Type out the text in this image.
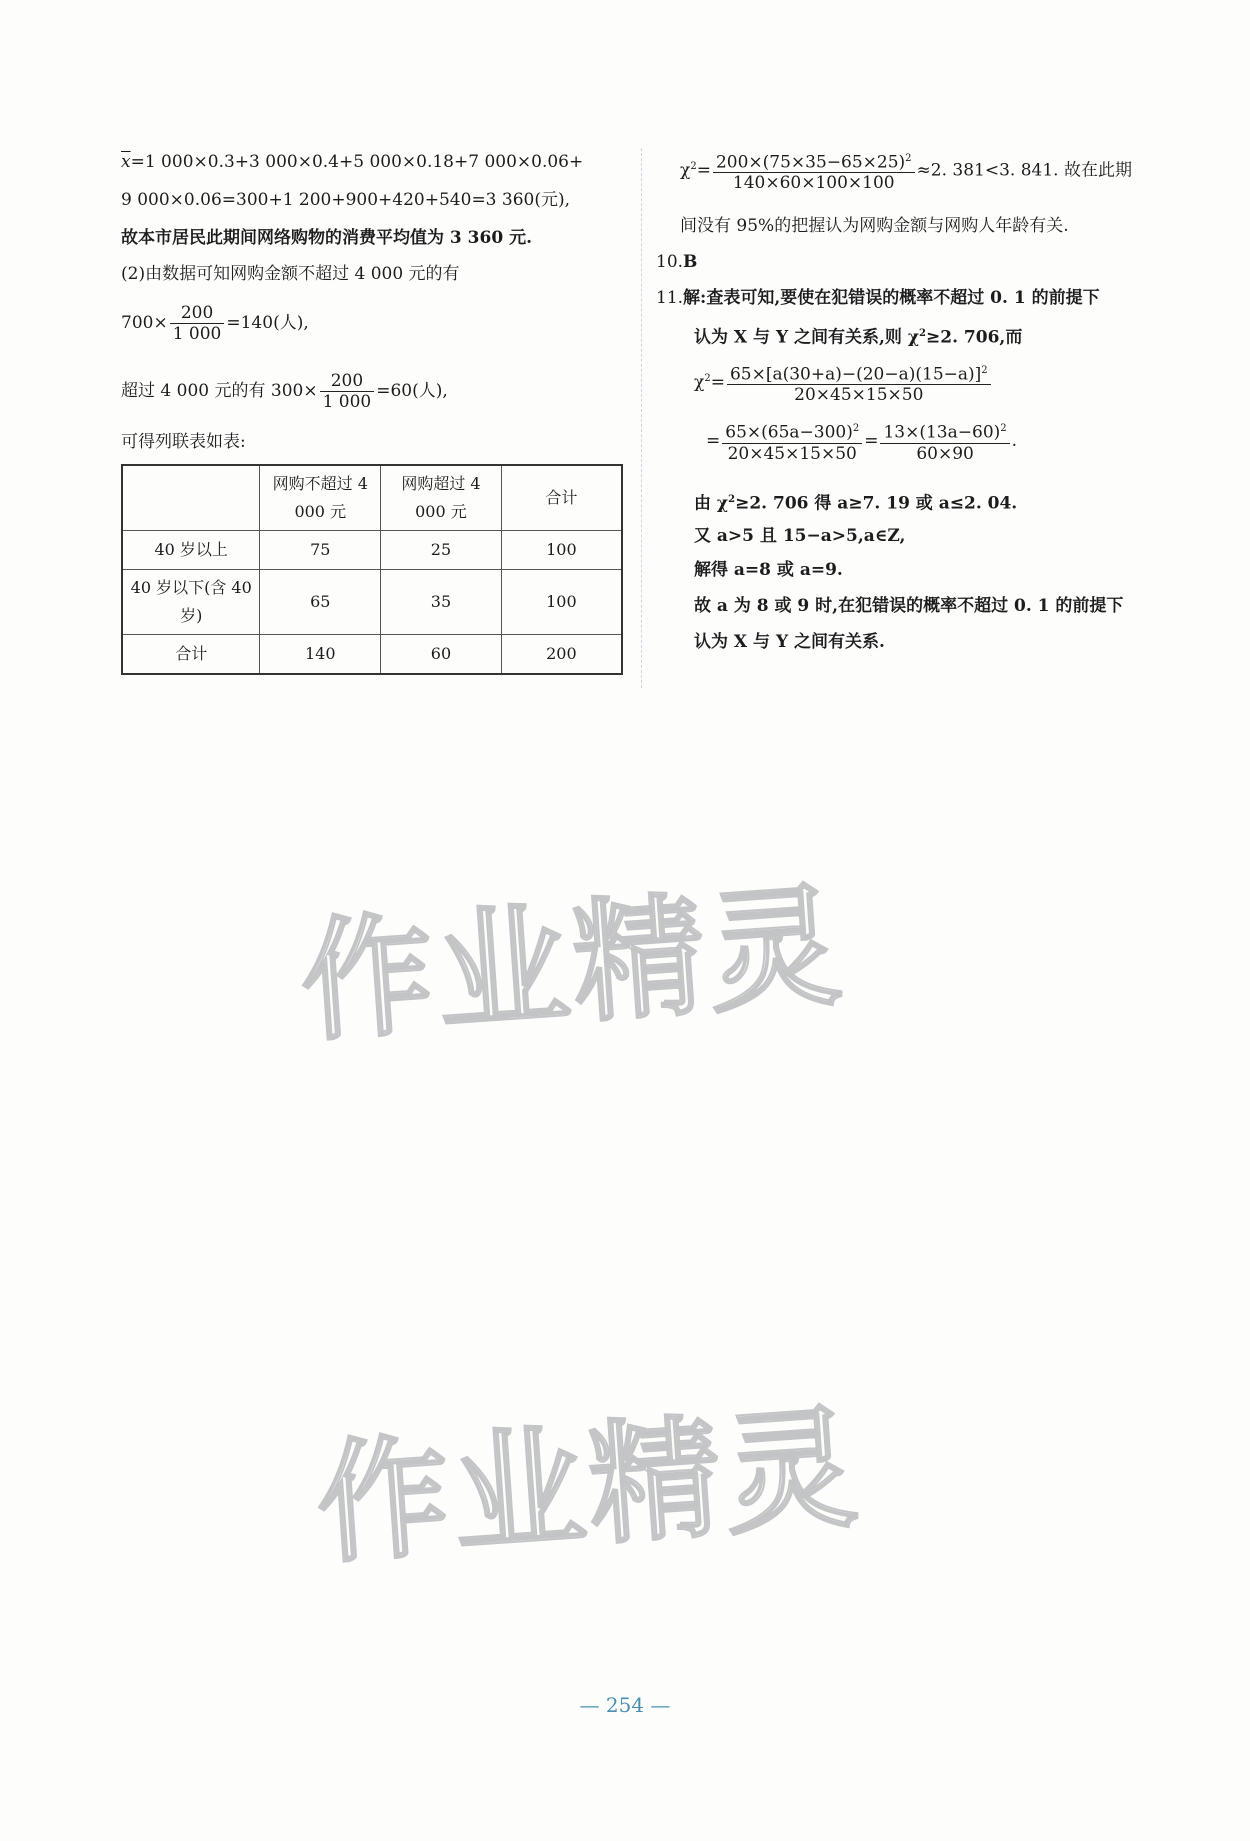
$\overline{x}=1$ 000×0.3+3 000×0.4+5 000×0.18+7 000×0.06+
9 000×0.06=300+1 200+900+420+540=3 360(元),
故本市居民此期间网络购物的消费平均值为 3 360 元.
(2)由数据可知网购金额不超过 4 000 元的有
$700\times \frac{200}{1 000} =140$(人),
超过 4 000 元的有 $300\times \frac{200}{1 000} =60$(人),
可得列联表如表:
	网购不超过 4 000 元	网购超过 4 000 元	合计
40 岁以上	75	25	100
40 岁以下(含 40 岁)	65	35	100
合计	140	60	200
$\chi^2= \frac{200\times(75\times 35-65\times 25)^2}{140\times 60\times 100\times 100} \approx 2$. 381<3. 841. 故在此期
间没有 95%的把握认为网购金额与网购人年龄有关.
10.B
11.解:查表可知,要使在犯错误的概率不超过 0. 1 的前提下
认为 X 与 Y 之间有关系,则 $\chi^2\ge 2$. 706,而
$\chi^2= \frac{65\times[a(30+a)-(20-a)(15-a)]^2}{20\times 45\times 15\times 50}$
= $\frac{65\times(65a-300)^2}{20\times 45\times 15\times 50} = \frac{13\times(13a-60)^2}{60\times 90}$ .
由 $\chi^2\ge 2$. 706 得 a≥7. 19 或 a≤2. 04.
又 a>5 且 15−a>5,a∈Z,
解得 a=8 或 a=9.
故 a 为 8 或 9 时,在犯错误的概率不超过 0. 1 的前提下
认为 X 与 Y 之间有关系.
作业精灵
作业精灵
— 254 —
